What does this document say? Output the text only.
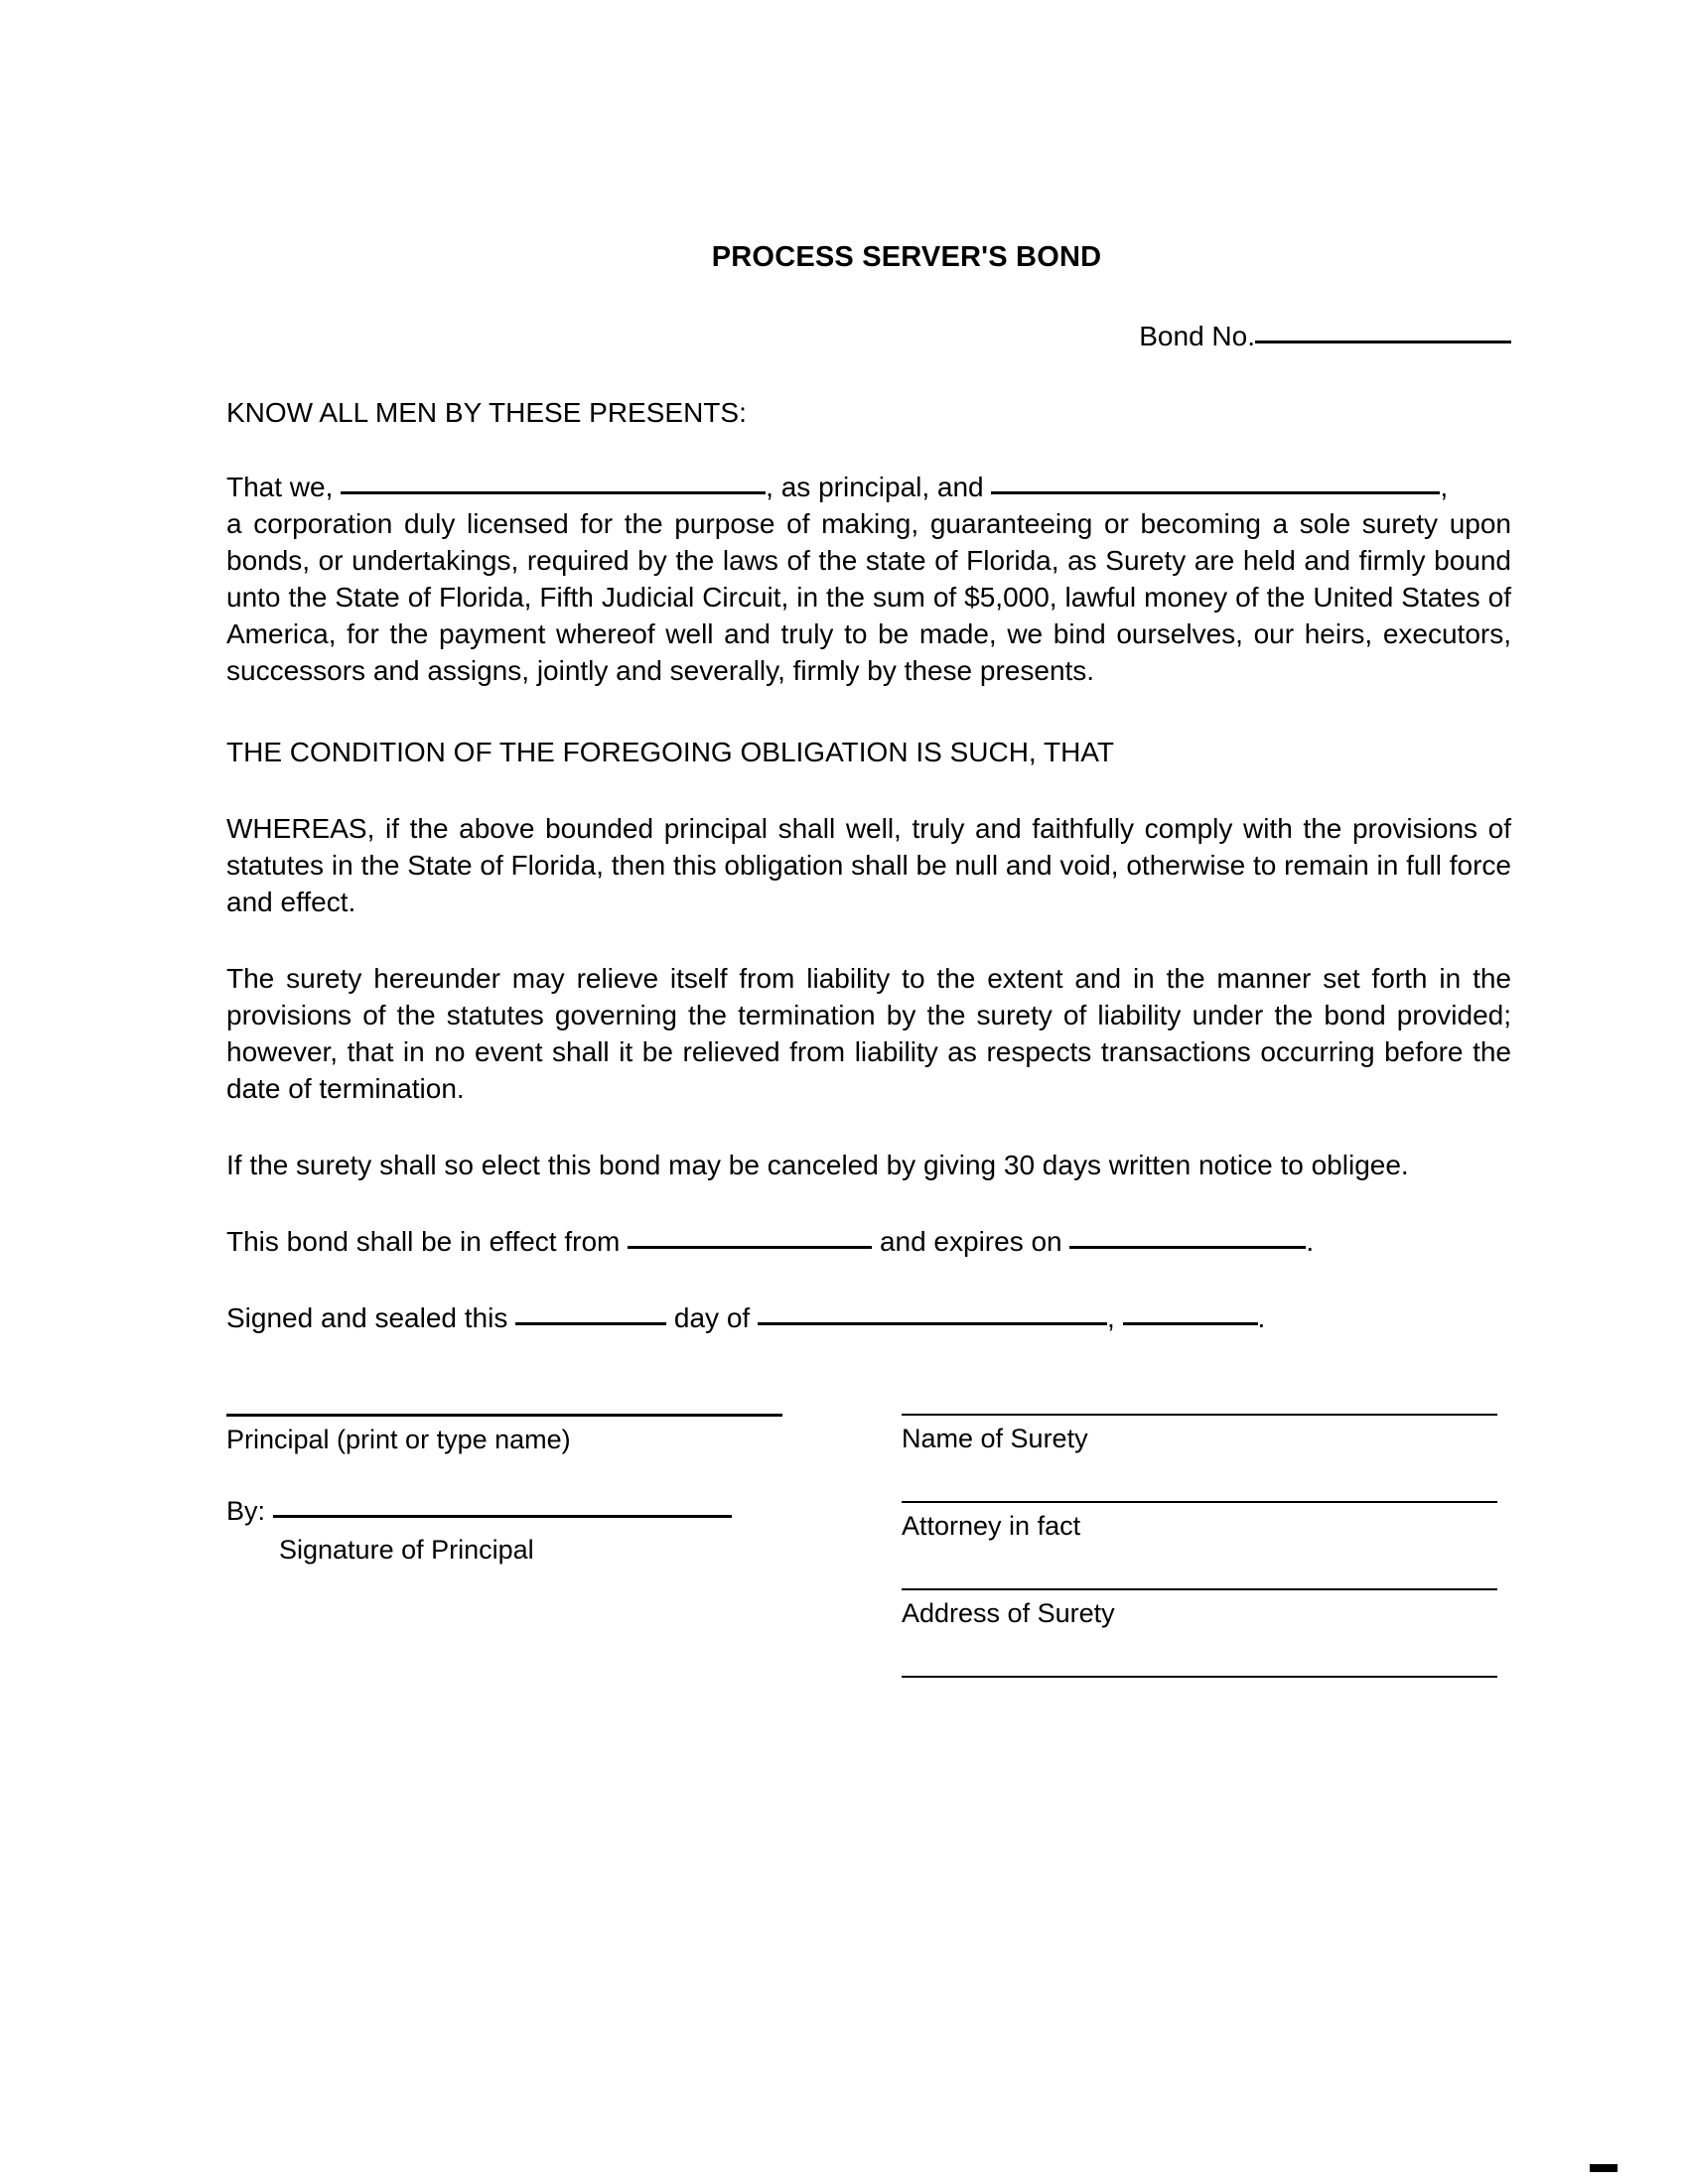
PROCESS SERVER'S BOND
Bond No.
KNOW ALL MEN BY THESE PRESENTS:
That we,	, as principal, and	,
a corporation duly licensed for the purpose of making, guaranteeing or becoming a sole surety upon bonds, or undertakings, required by the laws of the state of Florida, as Surety are held and firmly bound unto the State of Florida, Fifth Judicial Circuit, in the sum of $5,000, lawful money of the United States of America, for the payment whereof well and truly to be made, we bind ourselves, our heirs, executors, successors and assigns, jointly and severally, firmly by these presents.
THE CONDITION OF THE FOREGOING OBLIGATION IS SUCH, THAT
WHEREAS, if the above bounded principal shall well, truly and faithfully comply with the provisions of statutes in the State of Florida, then this obligation shall be null and void, otherwise to remain in full force and effect.
The surety hereunder may relieve itself from liability to the extent and in the manner set forth in the provisions of the statutes governing the termination by the surety of liability under the bond provided; however, that in no event shall it be relieved from liability as respects transactions occurring before the date of termination.
If the surety shall so elect this bond may be canceled by giving 30 days written notice to obligee.
This bond shall be in effect from	and expires on	.
Signed and sealed this	day of	,	.
Principal (print or type name)
By:
Signature of Principal
Name of Surety
Attorney in fact
Address of Surety
